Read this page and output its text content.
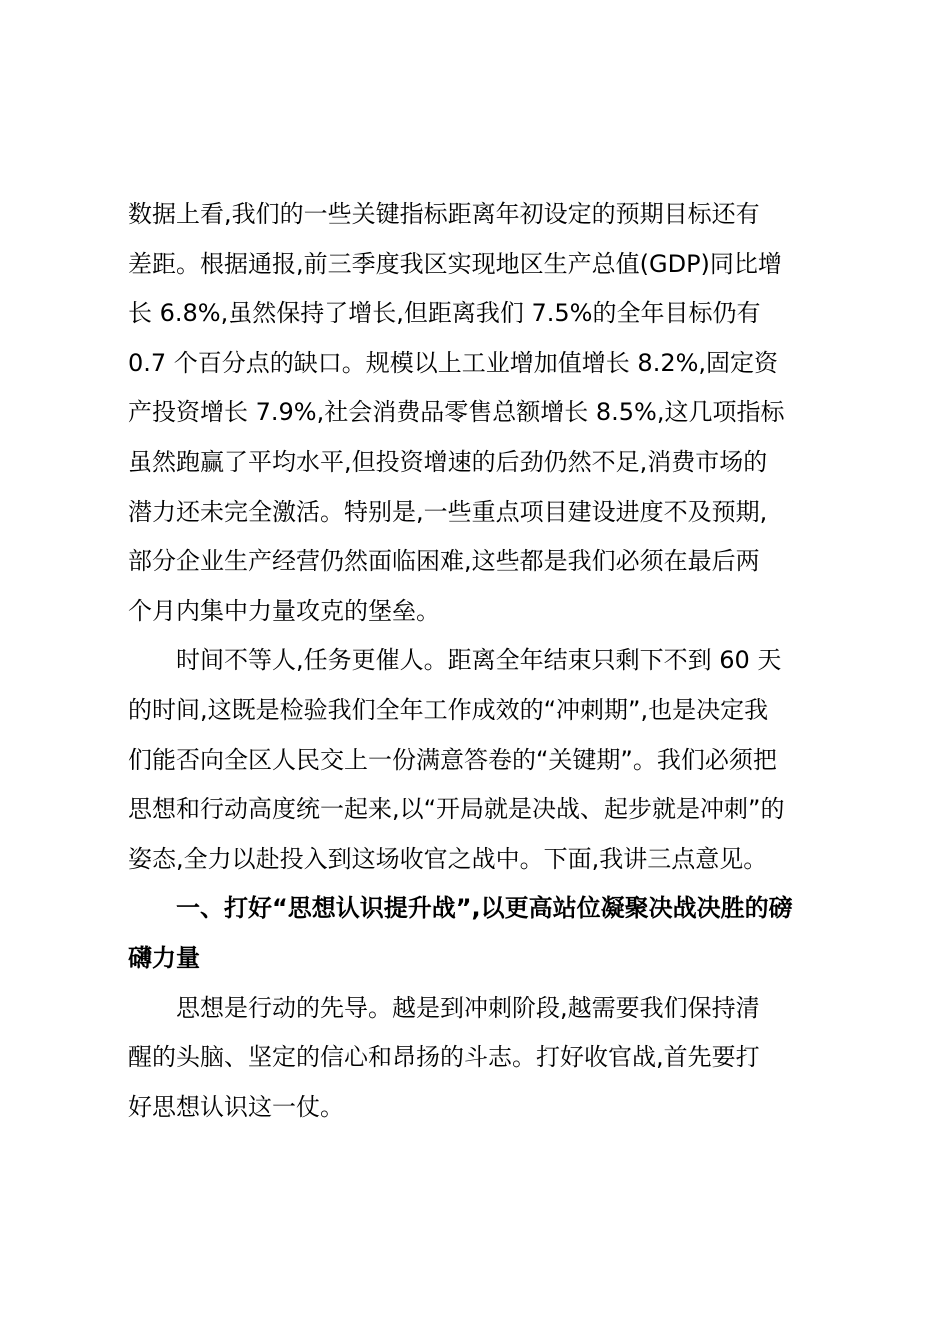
数据上看,我们的一些关键指标距离年初设定的预期目标还有
差距。根据通报,前三季度我区实现地区生产总值(GDP)同比增
长 6.8%,虽然保持了增长,但距离我们 7.5%的全年目标仍有
0.7 个百分点的缺口。规模以上工业增加值增长 8.2%,固定资
产投资增长 7.9%,社会消费品零售总额增长 8.5%,这几项指标
虽然跑赢了平均水平,但投资增速的后劲仍然不足,消费市场的
潜力还未完全激活。特别是,一些重点项目建设进度不及预期,
部分企业生产经营仍然面临困难,这些都是我们必须在最后两
个月内集中力量攻克的堡垒。
时间不等人,任务更催人。距离全年结束只剩下不到 60 天
的时间,这既是检验我们全年工作成效的“冲刺期”,也是决定我
们能否向全区人民交上一份满意答卷的“关键期”。我们必须把
思想和行动高度统一起来,以“开局就是决战、起步就是冲刺”的
姿态,全力以赴投入到这场收官之战中。下面,我讲三点意见。
一、打好“思想认识提升战”,以更高站位凝聚决战决胜的磅
礴力量
思想是行动的先导。越是到冲刺阶段,越需要我们保持清
醒的头脑、坚定的信心和昂扬的斗志。打好收官战,首先要打
好思想认识这一仗。
